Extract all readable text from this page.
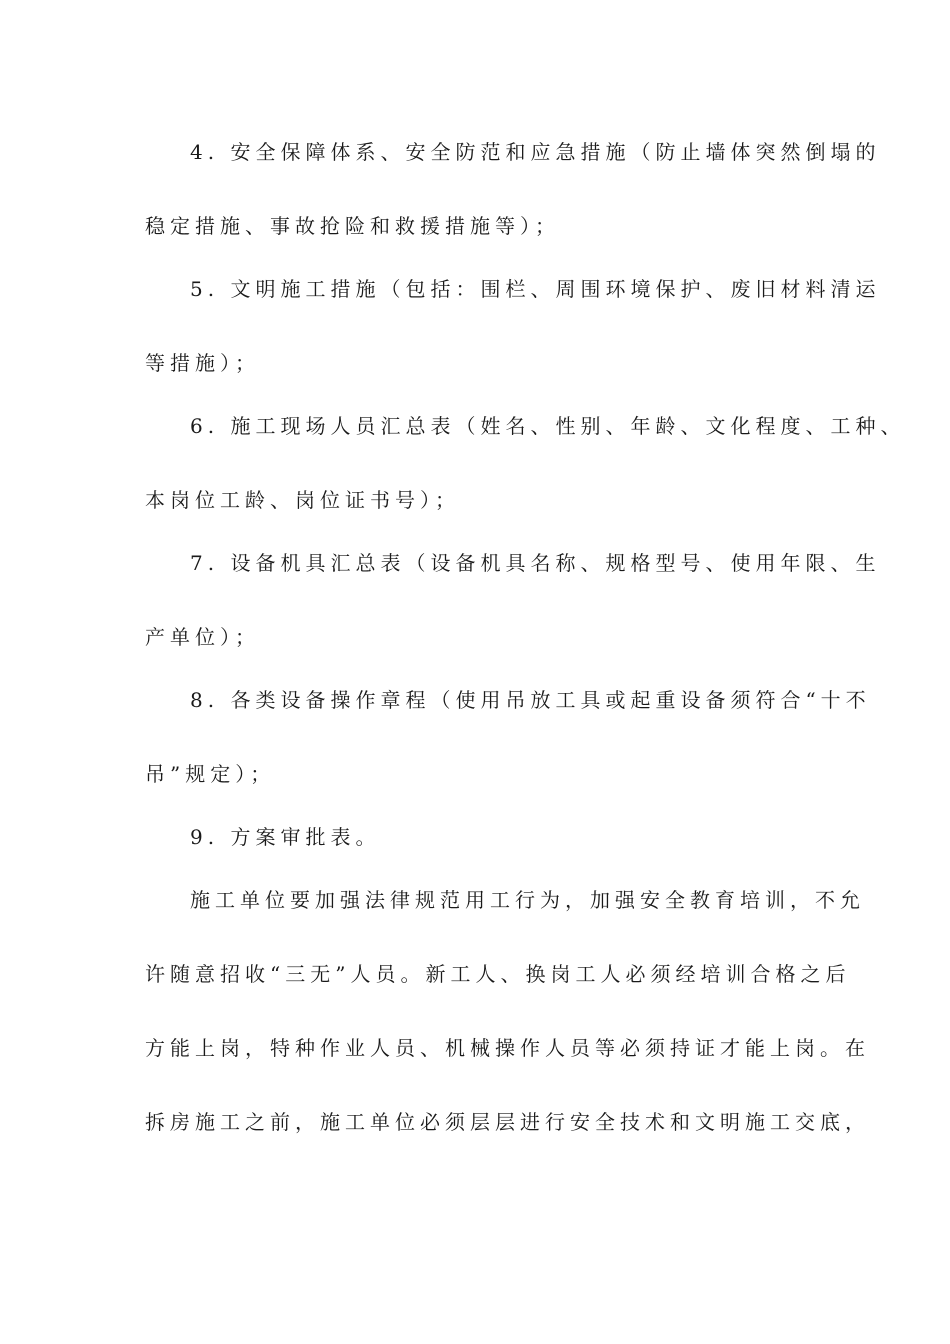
4. 安全保障体系、安全防范和应急措施（防止墙体突然倒塌的
稳定措施、事故抢险和救援措施等）；
5. 文明施工措施（包括：围栏、周围环境保护、废旧材料清运
等措施）；
6. 施工现场人员汇总表（姓名、性别、年龄、文化程度、工种、
本岗位工龄、岗位证书号）；
7. 设备机具汇总表（设备机具名称、规格型号、使用年限、生
产单位）；
8. 各类设备操作章程（使用吊放工具或起重设备须符合“十不
吊”规定）；
9. 方案审批表。
施工单位要加强法律规范用工行为，加强安全教育培训，不允
许随意招收“三无”人员。新工人、换岗工人必须经培训合格之后
方能上岗，特种作业人员、机械操作人员等必须持证才能上岗。在
拆房施工之前，施工单位必须层层进行安全技术和文明施工交底，
